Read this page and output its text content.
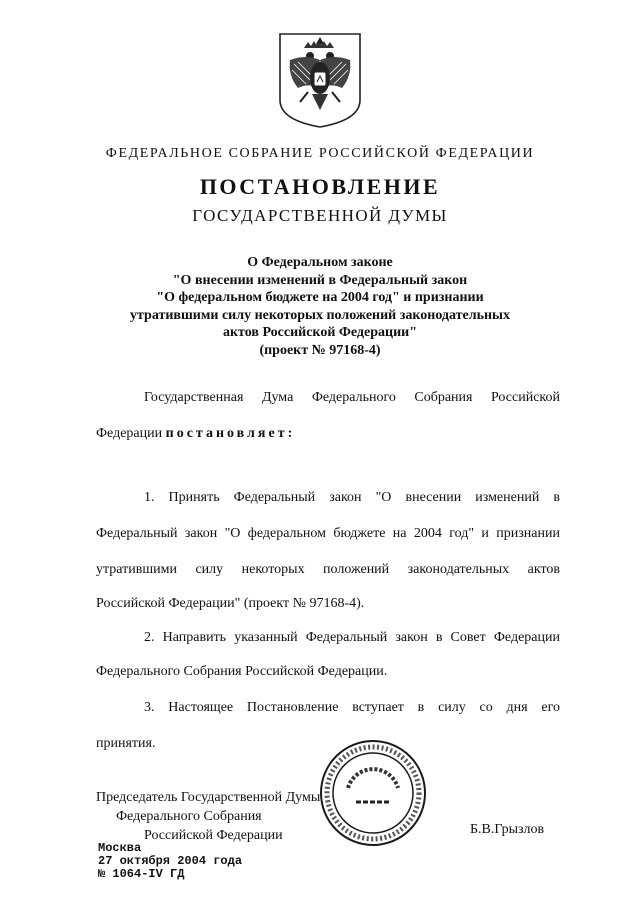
ФЕДЕРАЛЬНОЕ СОБРАНИЕ РОССИЙСКОЙ ФЕДЕРАЦИИ
ПОСТАНОВЛЕНИЕ
ГОСУДАРСТВЕННОЙ ДУМЫ
О Федеральном законе
"О внесении изменений в Федеральный закон
"О федеральном бюджете на 2004 год" и признании
утратившими силу некоторых положений законодательных
актов Российской Федерации"
(проект № 97168-4)
Государственная Дума Федерального Собрания Российской
Федерации постановляет:
1. Принять Федеральный закон "О внесении изменений в
Федеральный закон "О федеральном бюджете на 2004 год" и признании
утратившими силу некоторых положений законодательных актов
Российской Федерации" (проект № 97168-4).
2. Направить указанный Федеральный закон в Совет Федерации
Федерального Собрания Российской Федерации.
3. Настоящее Постановление вступает в силу со дня его
принятия.
Председатель Государственной Думы
Федерального Собрания
Российской Федерации	Б.В.Грызлов
Москва
27 октября 2004 года
№ 1064-IV ГД
